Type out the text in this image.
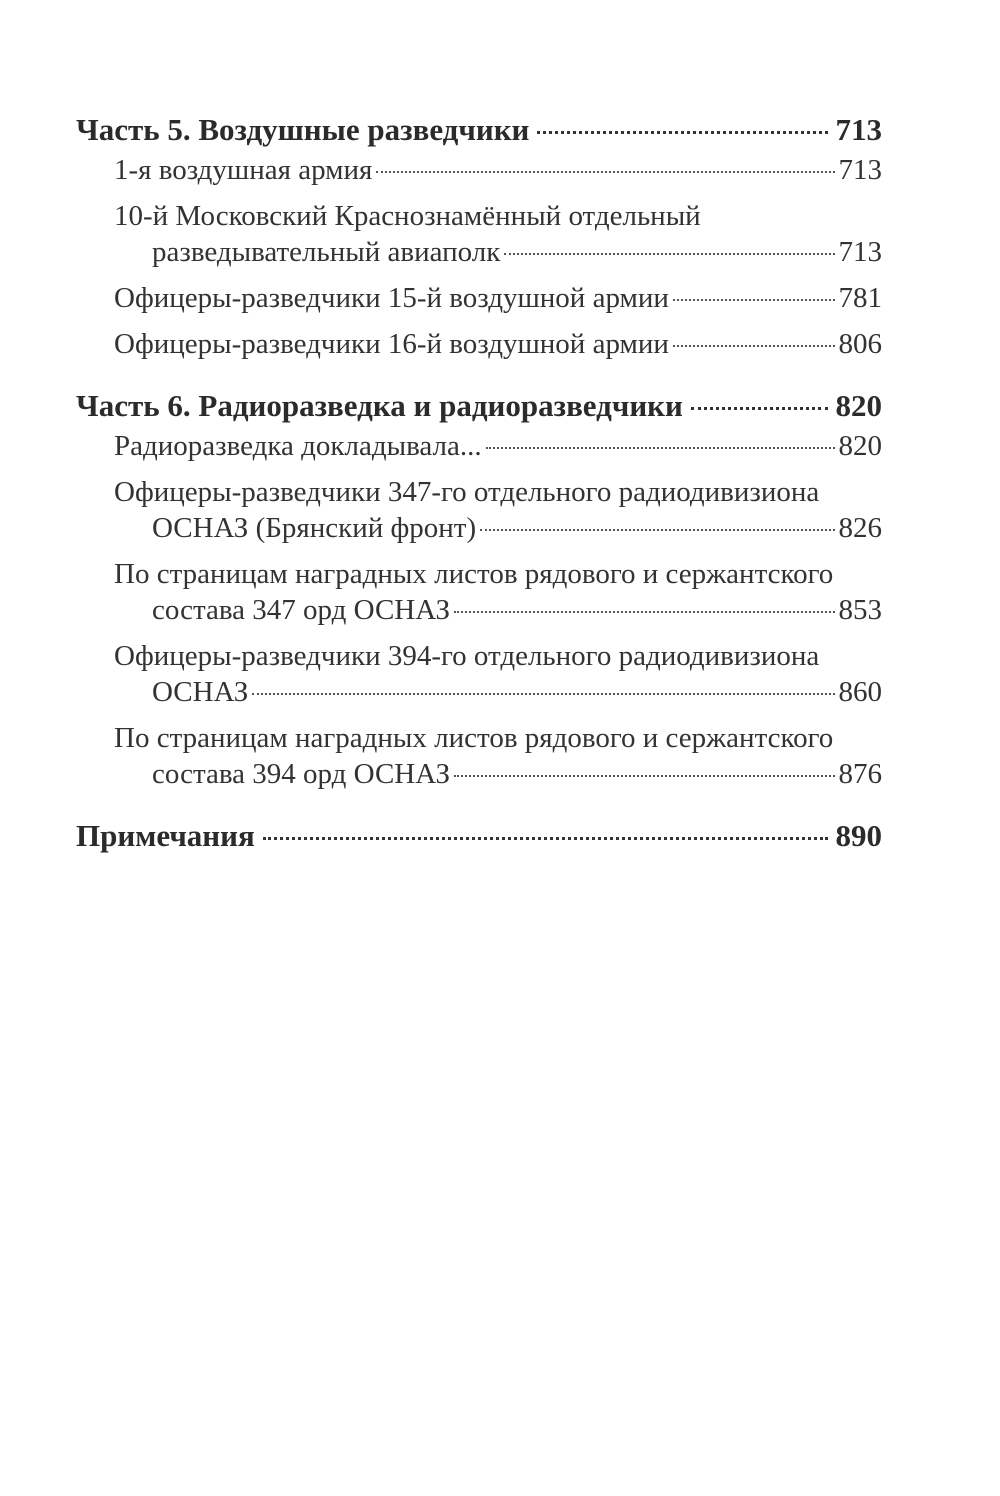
Часть 5. Воздушные разведчики	713
1-я воздушная армия	713
10-й Московский Краснознамённый отдельный
разведывательный авиаполк	713
Офицеры-разведчики 15-й воздушной армии	781
Офицеры-разведчики 16-й воздушной армии	806
Часть 6. Радиоразведка и радиоразведчики	820
Радиоразведка докладывала...	820
Офицеры-разведчики 347-го отдельного радиодивизиона
ОСНАЗ (Брянский фронт)	826
По страницам наградных листов рядового и сержантского
состава 347 орд ОСНАЗ	853
Офицеры-разведчики 394-го отдельного радиодивизиона
ОСНАЗ	860
По страницам наградных листов рядового и сержантского
состава 394 орд ОСНАЗ	876
Примечания	890
